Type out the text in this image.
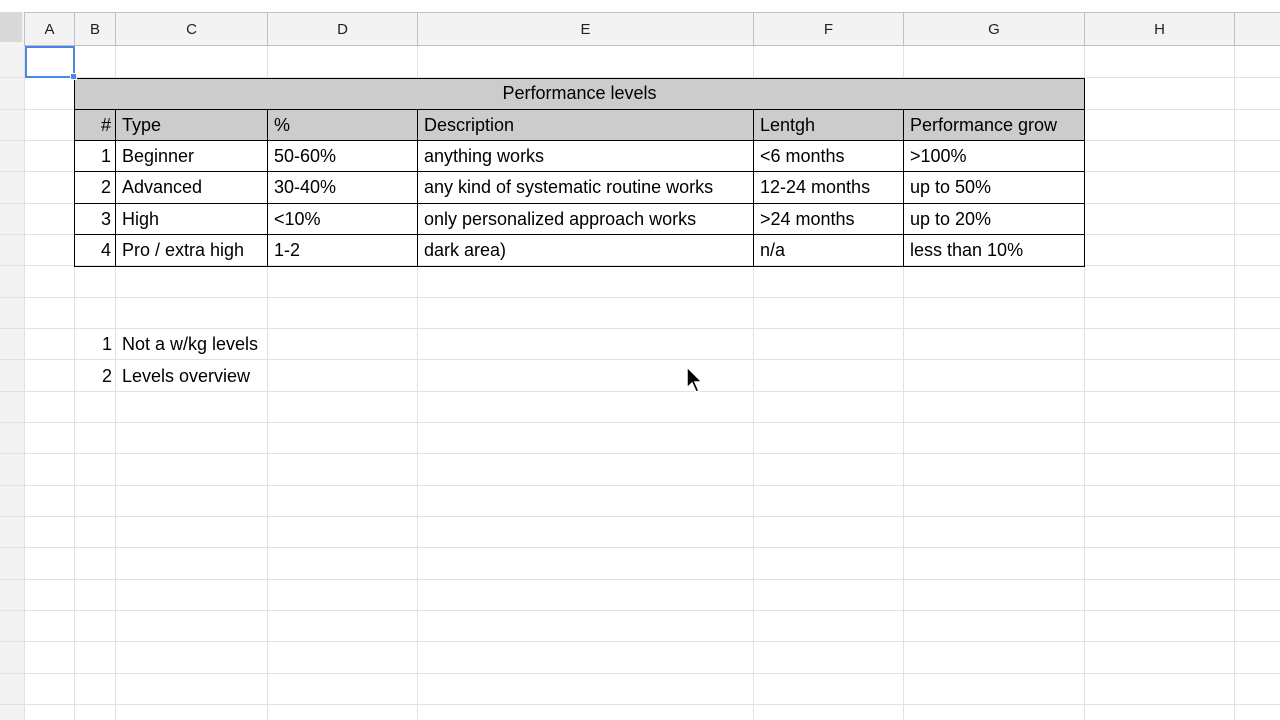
A	B	C	D	E	F	G	H
Performance levels
# Type	%	Description	Lentgh	Performance grow
1 Beginner	50-60%	anything works	<6 months	>100%
2 Advanced	30-40%	any kind of systematic routine works	12-24 months	up to 50%
3 High	<10%	only personalized approach works	>24 months	up to 20%
4 Pro / extra high	1-2	dark area)	n/a	less than 10%
1 Not a w/kg levels
2 Levels overview
